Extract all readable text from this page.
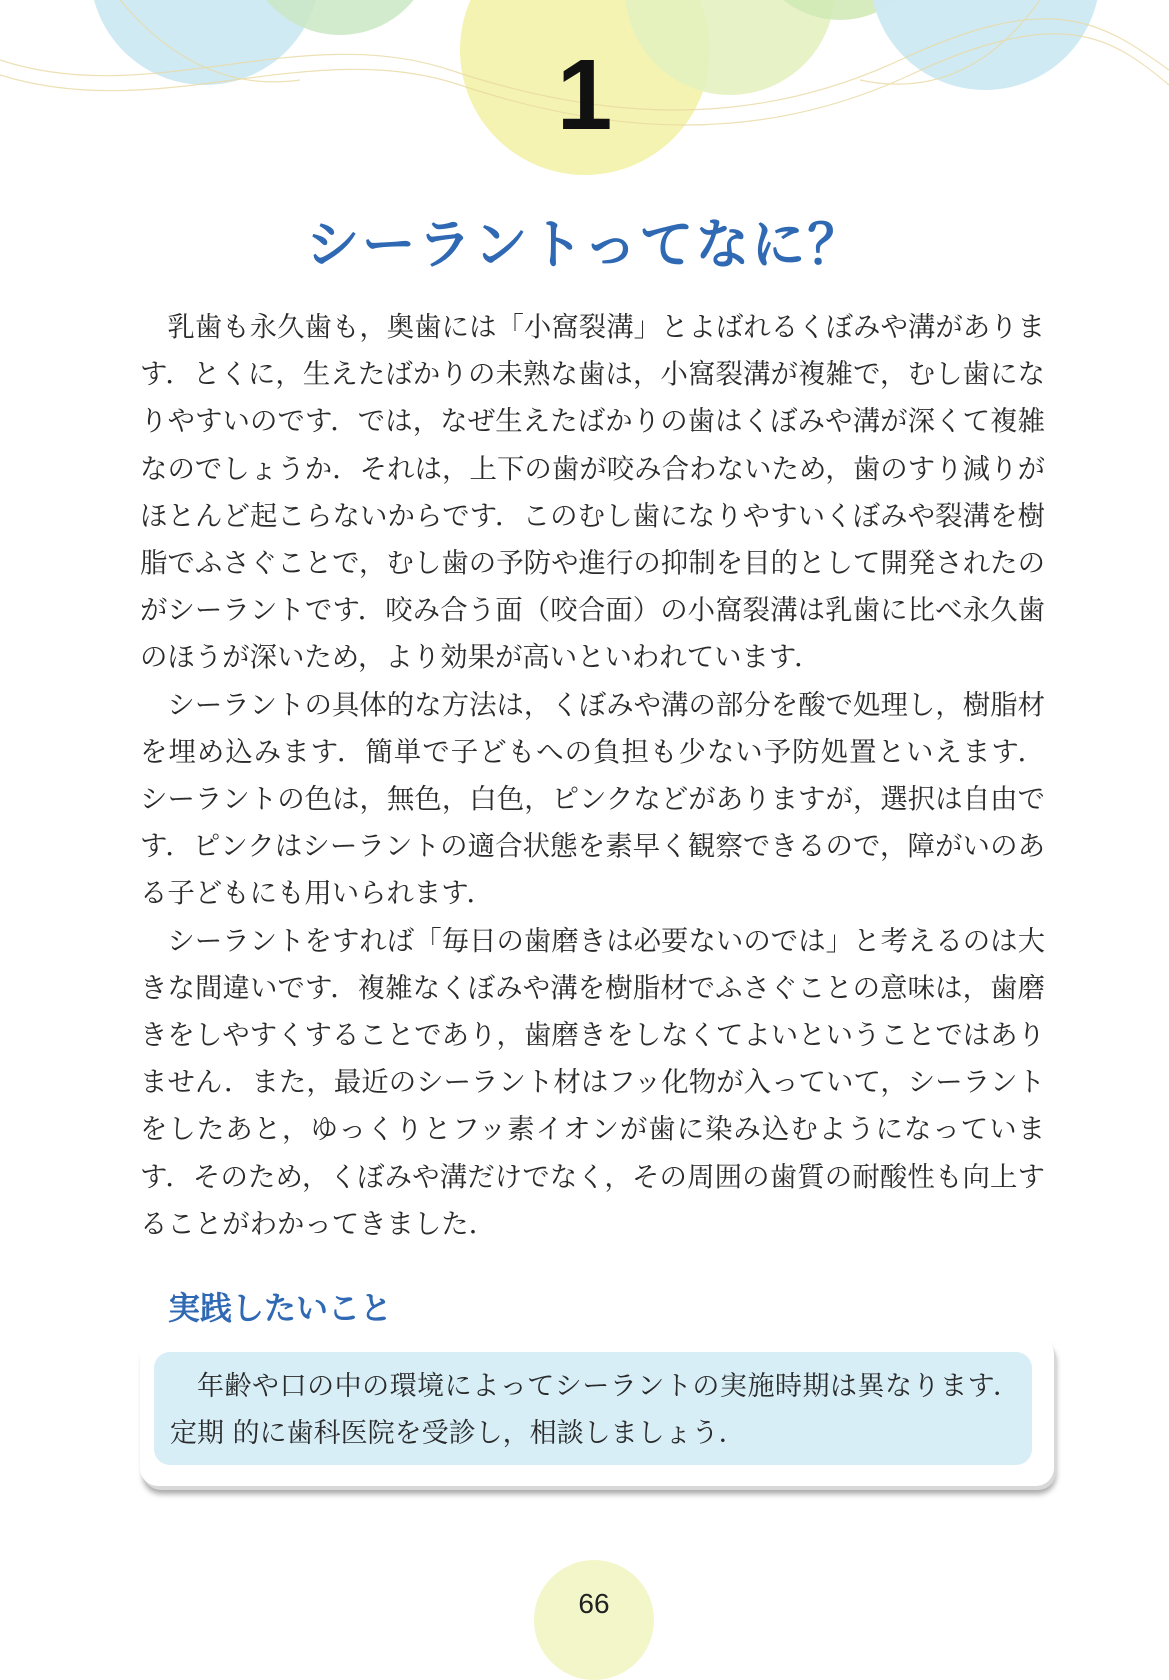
1
シーラントってなに？

乳歯も永久歯も，奥歯には「小窩裂溝」とよばれるくぼみや溝がありま す．とくに，生えたばかりの未熟な歯は，小窩裂溝が複雑で，むし歯にな りやすいのです．では，なぜ生えたばかりの歯はくぼみや溝が深くて複雑 なのでしょうか．それは，上下の歯が咬み合わないため，歯のすり減りが ほとんど起こらないからです．このむし歯になりやすいくぼみや裂溝を樹 脂でふさぐことで，むし歯の予防や進行の抑制を目的として開発されたの がシーラントです．咬み合う面（咬合面）の小窩裂溝は乳歯に比べ永久歯 のほうが深いため，より効果が高いといわれています．

シーラントの具体的な方法は，くぼみや溝の部分を酸で処理し，樹脂材 を埋め込みます．簡単で子どもへの負担も少ない予防処置といえます． シーラントの色は，無色，白色，ピンクなどがありますが，選択は自由で す．ピンクはシーラントの適合状態を素早く観察できるので，障がいのあ る子どもにも用いられます．

シーラントをすれば「毎日の歯磨きは必要ないのでは」と考えるのは大 きな間違いです．複雑なくぼみや溝を樹脂材でふさぐことの意味は，歯磨 きをしやすくすることであり，歯磨きをしなくてよいということではあり ません．また，最近のシーラント材はフッ化物が入っていて，シーラント をしたあと，ゆっくりとフッ素イオンが歯に染み込むようになっていま す．そのため，くぼみや溝だけでなく，その周囲の歯質の耐酸性も向上す ることがわかってきました．

実践したいこと

年齢や口の中の環境によってシーラントの実施時期は異なります．定期 的に歯科医院を受診し，相談しましょう．

66
